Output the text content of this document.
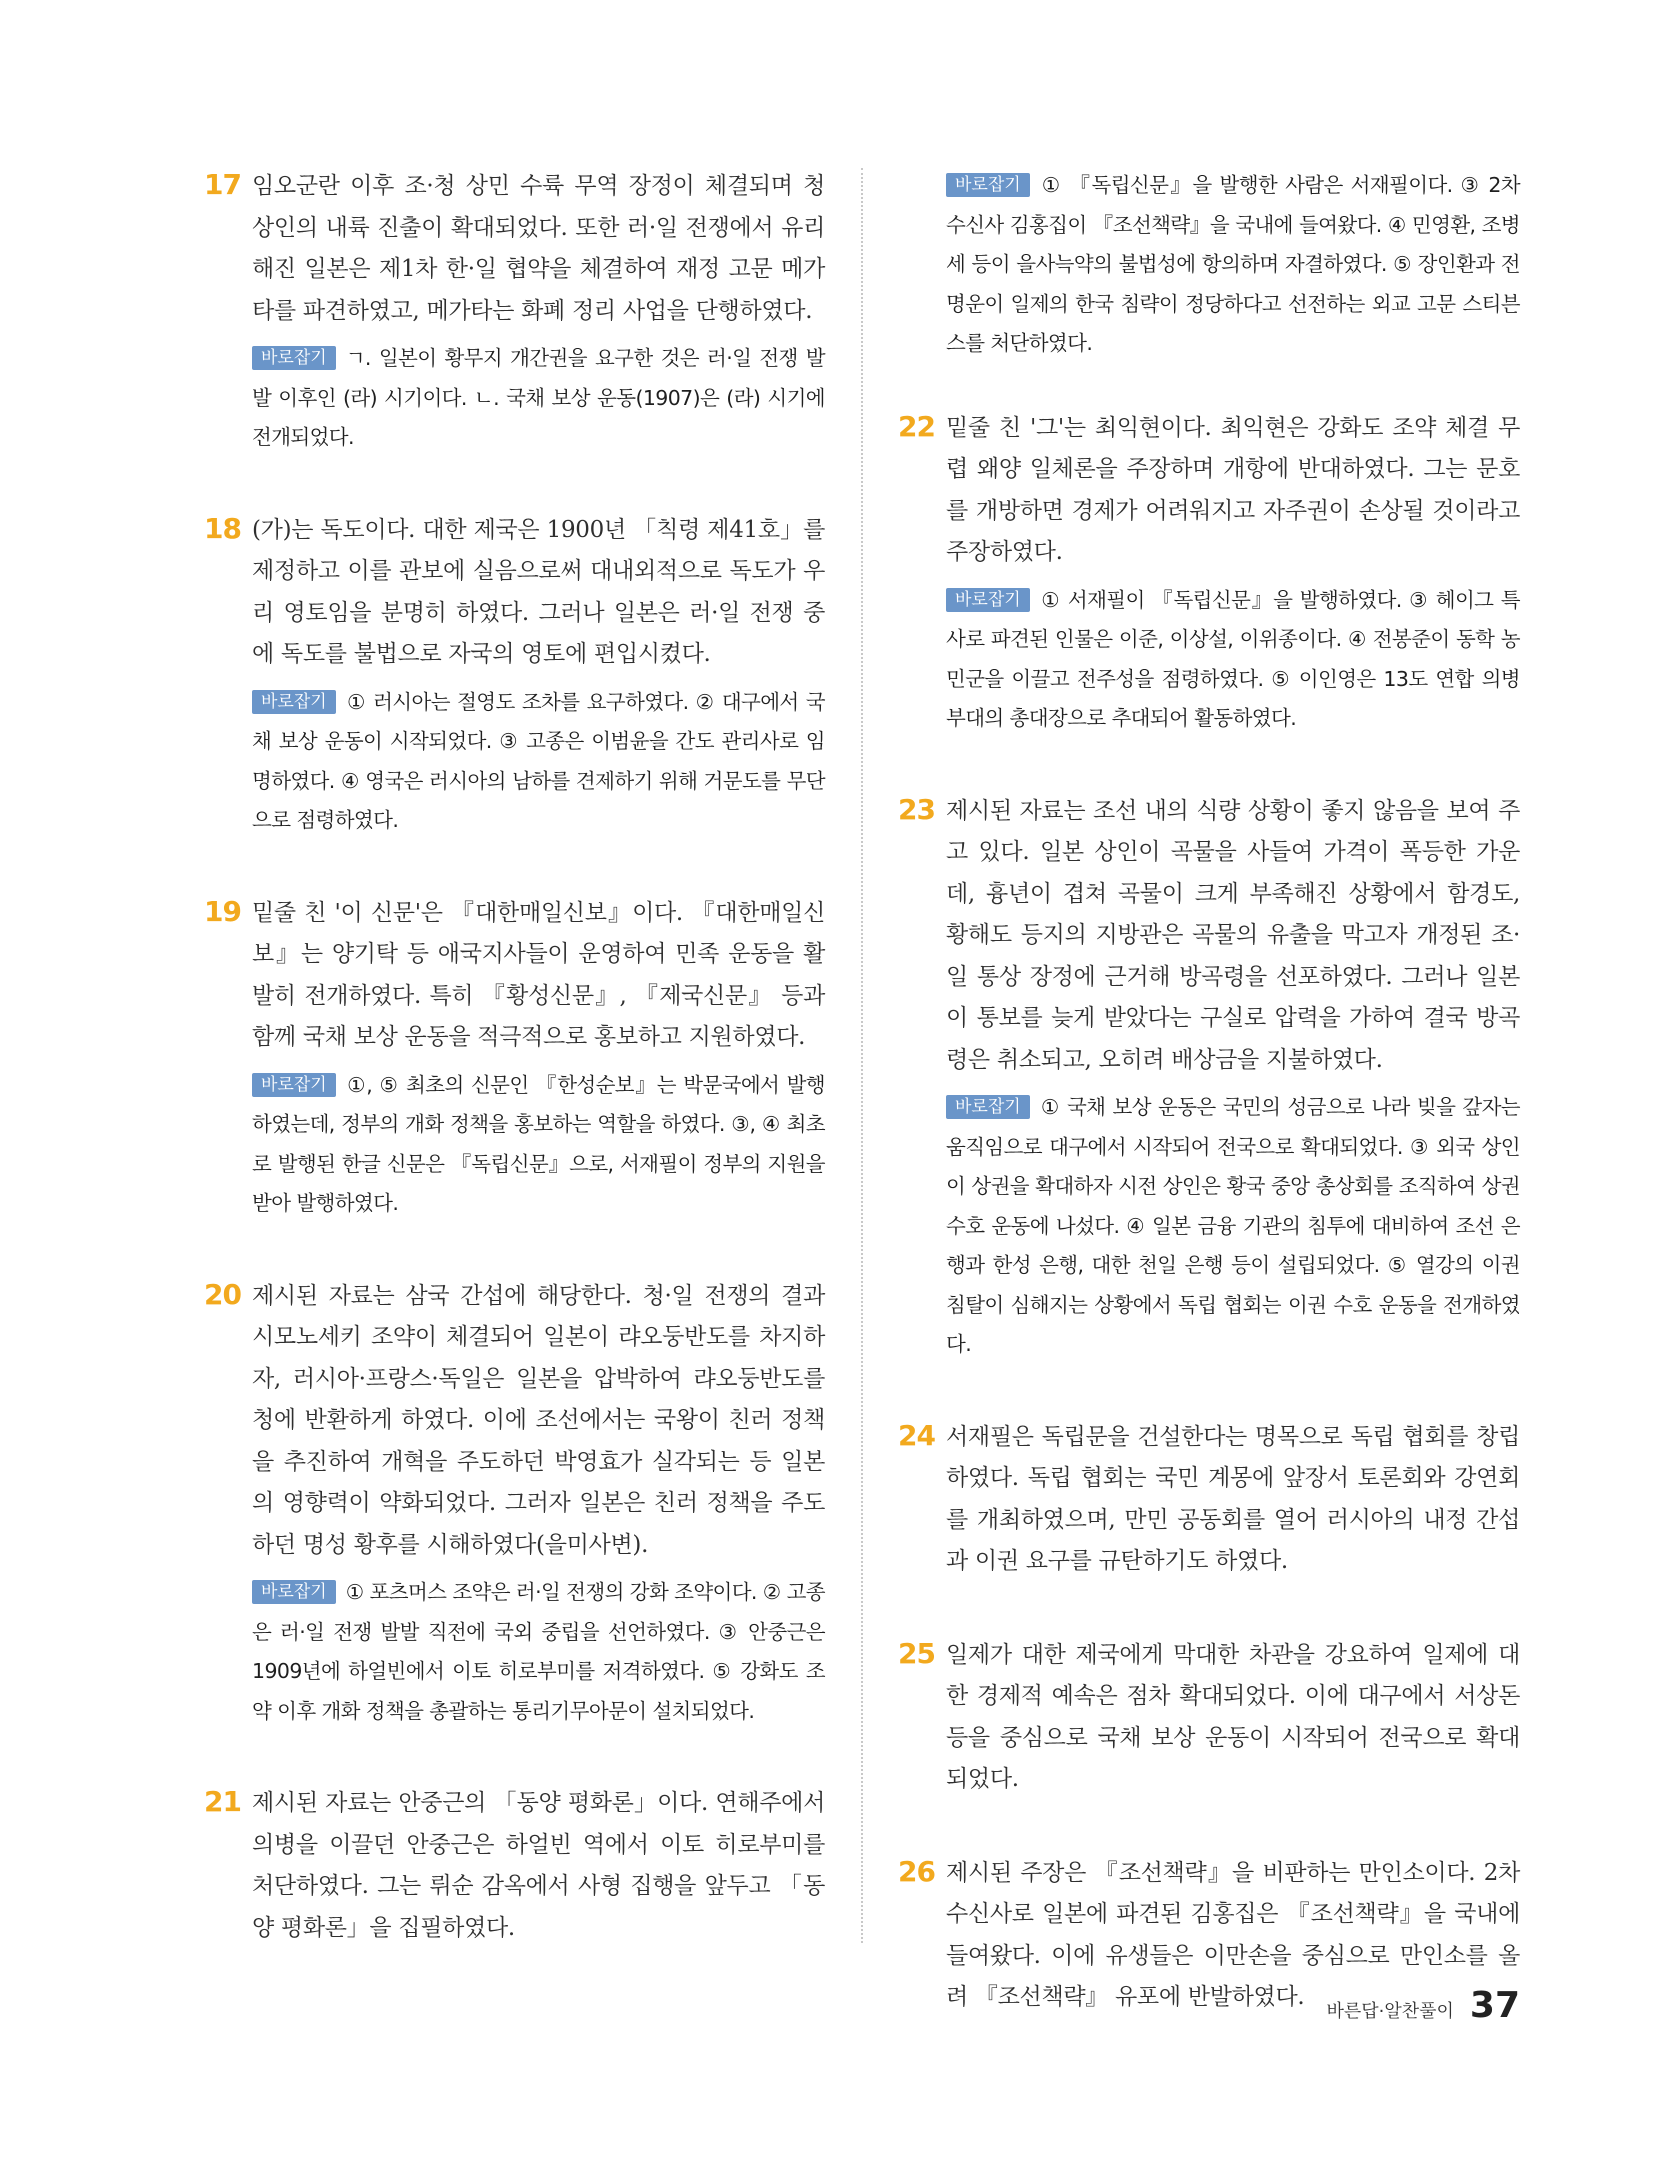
17 임오군란 이후 조·청 상민 수륙 무역 장정이 체결되며 청 상인의 내륙 진출이 확대되었다. 또한 러·일 전쟁에서 유리해진 일본은 제1차 한·일 협약을 체결하여 재정 고문 메가타를 파견하였고, 메가타는 화폐 정리 사업을 단행하였다.

바로잡기 ㄱ. 일본이 황무지 개간권을 요구한 것은 러·일 전쟁 발발 이후인 (라) 시기이다. ㄴ. 국채 보상 운동(1907)은 (라) 시기에 전개되었다.

18 (가)는 독도이다. 대한 제국은 1900년 「칙령 제41호」를 제정하고 이를 관보에 실음으로써 대내외적으로 독도가 우리 영토임을 분명히 하였다. 그러나 일본은 러·일 전쟁 중에 독도를 불법으로 자국의 영토에 편입시켰다.

바로잡기 ① 러시아는 절영도 조차를 요구하였다. ② 대구에서 국채 보상 운동이 시작되었다. ③ 고종은 이범윤을 간도 관리사로 임명하였다. ④ 영국은 러시아의 남하를 견제하기 위해 거문도를 무단으로 점령하였다.

19 밑줄 친 '이 신문'은 『대한매일신보』이다. 『대한매일신보』는 양기탁 등 애국지사들이 운영하여 민족 운동을 활발히 전개하였다. 특히 『황성신문』, 『제국신문』 등과 함께 국채 보상 운동을 적극적으로 홍보하고 지원하였다.

바로잡기 ①, ⑤ 최초의 신문인 『한성순보』는 박문국에서 발행하였는데, 정부의 개화 정책을 홍보하는 역할을 하였다. ③, ④ 최초로 발행된 한글 신문은 『독립신문』으로, 서재필이 정부의 지원을 받아 발행하였다.

20 제시된 자료는 삼국 간섭에 해당한다. 청·일 전쟁의 결과 시모노세키 조약이 체결되어 일본이 랴오둥반도를 차지하자, 러시아·프랑스·독일은 일본을 압박하여 랴오둥반도를 청에 반환하게 하였다. 이에 조선에서는 국왕이 친러 정책을 추진하여 개혁을 주도하던 박영효가 실각되는 등 일본의 영향력이 약화되었다. 그러자 일본은 친러 정책을 주도하던 명성 황후를 시해하였다(을미사변).

바로잡기 ① 포츠머스 조약은 러·일 전쟁의 강화 조약이다. ② 고종은 러·일 전쟁 발발 직전에 국외 중립을 선언하였다. ③ 안중근은 1909년에 하얼빈에서 이토 히로부미를 저격하였다. ⑤ 강화도 조약 이후 개화 정책을 총괄하는 통리기무아문이 설치되었다.

21 제시된 자료는 안중근의 「동양 평화론」이다. 연해주에서 의병을 이끌던 안중근은 하얼빈 역에서 이토 히로부미를 처단하였다. 그는 뤼순 감옥에서 사형 집행을 앞두고 「동양 평화론」을 집필하였다.

바로잡기 ① 『독립신문』을 발행한 사람은 서재필이다. ③ 2차 수신사 김홍집이 『조선책략』을 국내에 들여왔다. ④ 민영환, 조병세 등이 을사늑약의 불법성에 항의하며 자결하였다. ⑤ 장인환과 전명운이 일제의 한국 침략이 정당하다고 선전하는 외교 고문 스티븐스를 처단하였다.

22 밑줄 친 '그'는 최익현이다. 최익현은 강화도 조약 체결 무렵 왜양 일체론을 주장하며 개항에 반대하였다. 그는 문호를 개방하면 경제가 어려워지고 자주권이 손상될 것이라고 주장하였다.

바로잡기 ① 서재필이 『독립신문』을 발행하였다. ③ 헤이그 특사로 파견된 인물은 이준, 이상설, 이위종이다. ④ 전봉준이 동학 농민군을 이끌고 전주성을 점령하였다. ⑤ 이인영은 13도 연합 의병 부대의 총대장으로 추대되어 활동하였다.

23 제시된 자료는 조선 내의 식량 상황이 좋지 않음을 보여 주고 있다. 일본 상인이 곡물을 사들여 가격이 폭등한 가운데, 흉년이 겹쳐 곡물이 크게 부족해진 상황에서 함경도, 황해도 등지의 지방관은 곡물의 유출을 막고자 개정된 조·일 통상 장정에 근거해 방곡령을 선포하였다. 그러나 일본이 통보를 늦게 받았다는 구실로 압력을 가하여 결국 방곡령은 취소되고, 오히려 배상금을 지불하였다.

바로잡기 ① 국채 보상 운동은 국민의 성금으로 나라 빚을 갚자는 움직임으로 대구에서 시작되어 전국으로 확대되었다. ③ 외국 상인이 상권을 확대하자 시전 상인은 황국 중앙 총상회를 조직하여 상권 수호 운동에 나섰다. ④ 일본 금융 기관의 침투에 대비하여 조선 은행과 한성 은행, 대한 천일 은행 등이 설립되었다. ⑤ 열강의 이권 침탈이 심해지는 상황에서 독립 협회는 이권 수호 운동을 전개하였다.

24 서재필은 독립문을 건설한다는 명목으로 독립 협회를 창립하였다. 독립 협회는 국민 계몽에 앞장서 토론회와 강연회를 개최하였으며, 만민 공동회를 열어 러시아의 내정 간섭과 이권 요구를 규탄하기도 하였다.

25 일제가 대한 제국에게 막대한 차관을 강요하여 일제에 대한 경제적 예속은 점차 확대되었다. 이에 대구에서 서상돈 등을 중심으로 국채 보상 운동이 시작되어 전국으로 확대되었다.

26 제시된 주장은 『조선책략』을 비판하는 만인소이다. 2차 수신사로 일본에 파견된 김홍집은 『조선책략』을 국내에 들여왔다. 이에 유생들은 이만손을 중심으로 만인소를 올려 『조선책략』 유포에 반발하였다.

바른답·알찬풀이 37
